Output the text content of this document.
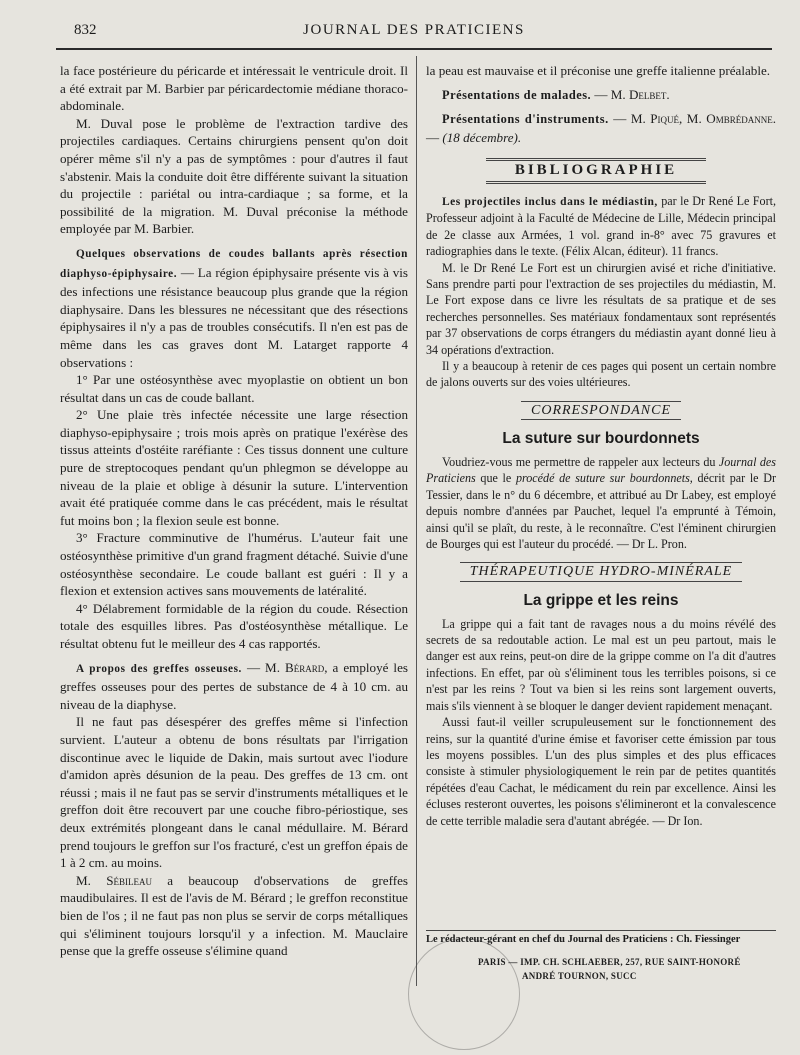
832	JOURNAL DES PRATICIENS

la face postérieure du péricarde et intéressait le ventricule droit. Il a été extrait par M. Barbier par péricardectomie médiane thoraco-abdominale.

M. Duval pose le problème de l'extraction tardive des projectiles cardiaques. Certains chirurgiens pensent qu'on doit opérer même s'il n'y a pas de symptômes : pour d'autres il faut s'abstenir. Mais la conduite doit être différente suivant la situation du projectile : pariétal ou intra-cardiaque ; sa forme, et la possibilité de la migration. M. Duval préconise la méthode employée par M. Barbier.

Quelques observations de coudes ballants après résection diaphyso-épiphysaire. — La région épiphysaire présente vis à vis des infections une résistance beaucoup plus grande que la région diaphysaire. Dans les blessures ne nécessitant que des résections épiphysaires il n'y a pas de troubles consécutifs. Il n'en est pas de même dans les cas graves dont M. Latarget rapporte 4 observations :

1° Par une ostéosynthèse avec myoplastie on obtient un bon résultat dans un cas de coude ballant.

2° Une plaie très infectée nécessite une large résection diaphyso-epiphysaire ; trois mois après on pratique l'exérèse des tissus atteints d'ostéite raréfiante : Ces tissus donnent une culture pure de streptocoques pendant qu'un phlegmon se développe au niveau de la plaie et oblige à désunir la suture. L'intervention avait été pratiquée comme dans le cas précédent, mais le résultat fut moins bon ; la flexion seule est bonne.

3° Fracture comminutive de l'humérus. L'auteur fait une ostéosynthèse primitive d'un grand fragment détaché. Suivie d'une ostéosynthèse secondaire. Le coude ballant est guéri : Il y a flexion et extension actives sans mouvements de latéralité.

4° Délabrement formidable de la région du coude. Résection totale des esquilles libres. Pas d'ostéosynthèse métallique. Le résultat obtenu fut le meilleur des 4 cas rapportés.

A propos des greffes osseuses. — M. Bérard, a employé les greffes osseuses pour des pertes de substance de 4 à 10 cm. au niveau de la diaphyse.

Il ne faut pas désespérer des greffes même si l'infection survient. L'auteur a obtenu de bons résultats par l'irrigation discontinue avec le liquide de Dakin, mais surtout avec l'iodure d'amidon après désunion de la peau. Des greffes de 13 cm. ont réussi ; mais il ne faut pas se servir d'instruments métalliques et le greffon doit être recouvert par une couche fibro-périostique, ses deux extrémités plongeant dans le canal médullaire. M. Bérard prend toujours le greffon sur l'os fracturé, c'est un greffon épais de 1 à 2 cm. au moins.

M. Sébileau a beaucoup d'observations de greffes maudibulaires. Il est de l'avis de M. Bérard ; le greffon reconstitue bien de l'os ; il ne faut pas non plus se servir de corps métalliques qui s'éliminent toujours lorsqu'il y a infection. M. Mauclaire pense que la greffe osseuse s'élimine quand

la peau est mauvaise et il préconise une greffe italienne préalable.

Présentations de malades. — M. Delbet.

Présentations d'instruments. — M. Piqué, M. Ombrédanne. — (18 décembre).

BIBLIOGRAPHIE

Les projectiles inclus dans le médiastin, par le Dr René Le Fort, Professeur adjoint à la Faculté de Médecine de Lille, Médecin principal de 2e classe aux Armées, 1 vol. grand in-8° avec 75 gravures et radiographies dans le texte. (Félix Alcan, éditeur). 11 francs.

M. le Dr René Le Fort est un chirurgien avisé et riche d'initiative. Sans prendre parti pour l'extraction de ses projectiles du médiastin, M. Le Fort expose dans ce livre les résultats de sa pratique et de ses recherches personnelles. Ses matériaux fondamentaux sont représentés par 37 observations de corps étrangers du médiastin ayant donné lieu à 34 opérations d'extraction.

Il y a beaucoup à retenir de ces pages qui posent un certain nombre de jalons ouverts sur des voies ultérieures.

CORRESPONDANCE
La suture sur bourdonnets

Voudriez-vous me permettre de rappeler aux lecteurs du Journal des Praticiens que le procédé de suture sur bourdonnets, décrit par le Dr Tessier, dans le n° du 6 décembre, et attribué au Dr Labey, est employé depuis nombre d'années par Pauchet, lequel l'a emprunté à Témoin, ainsi qu'il se plaît, du reste, à le reconnaître. C'est l'éminent chirurgien de Bourges qui est l'auteur du procédé. — Dr L. Pron.

THÉRAPEUTIQUE HYDRO-MINÉRALE
La grippe et les reins

La grippe qui a fait tant de ravages nous a du moins révélé des secrets de sa redoutable action. Le mal est un peu partout, mais le danger est aux reins, peut-on dire de la grippe comme on l'a dit d'autres infections. En effet, par où s'éliminent tous les terribles poisons, si ce n'est par les reins ? Tout va bien si les reins sont largement ouverts, mais s'ils viennent à se bloquer le danger devient rapidement menaçant.

Aussi faut-il veiller scrupuleusement sur le fonctionnement des reins, sur la quantité d'urine émise et favoriser cette émission par tous les moyens possibles. L'un des plus simples et des plus efficaces consiste à stimuler physiologiquement le rein par de petites quantités répétées d'eau Cachat, le médicament du rein par excellence. Ainsi les écluses resteront ouvertes, les poisons s'élimineront et la convalescence de cette terrible maladie sera d'autant abrégée. — Dr Ion.

Le rédacteur-gérant en chef du Journal des Praticiens : Ch. Fiessinger
PARIS — IMP. CH. SCHLAEBER, 257, RUE SAINT-HONORÉ
ANDRÉ TOURNON, SUCC
